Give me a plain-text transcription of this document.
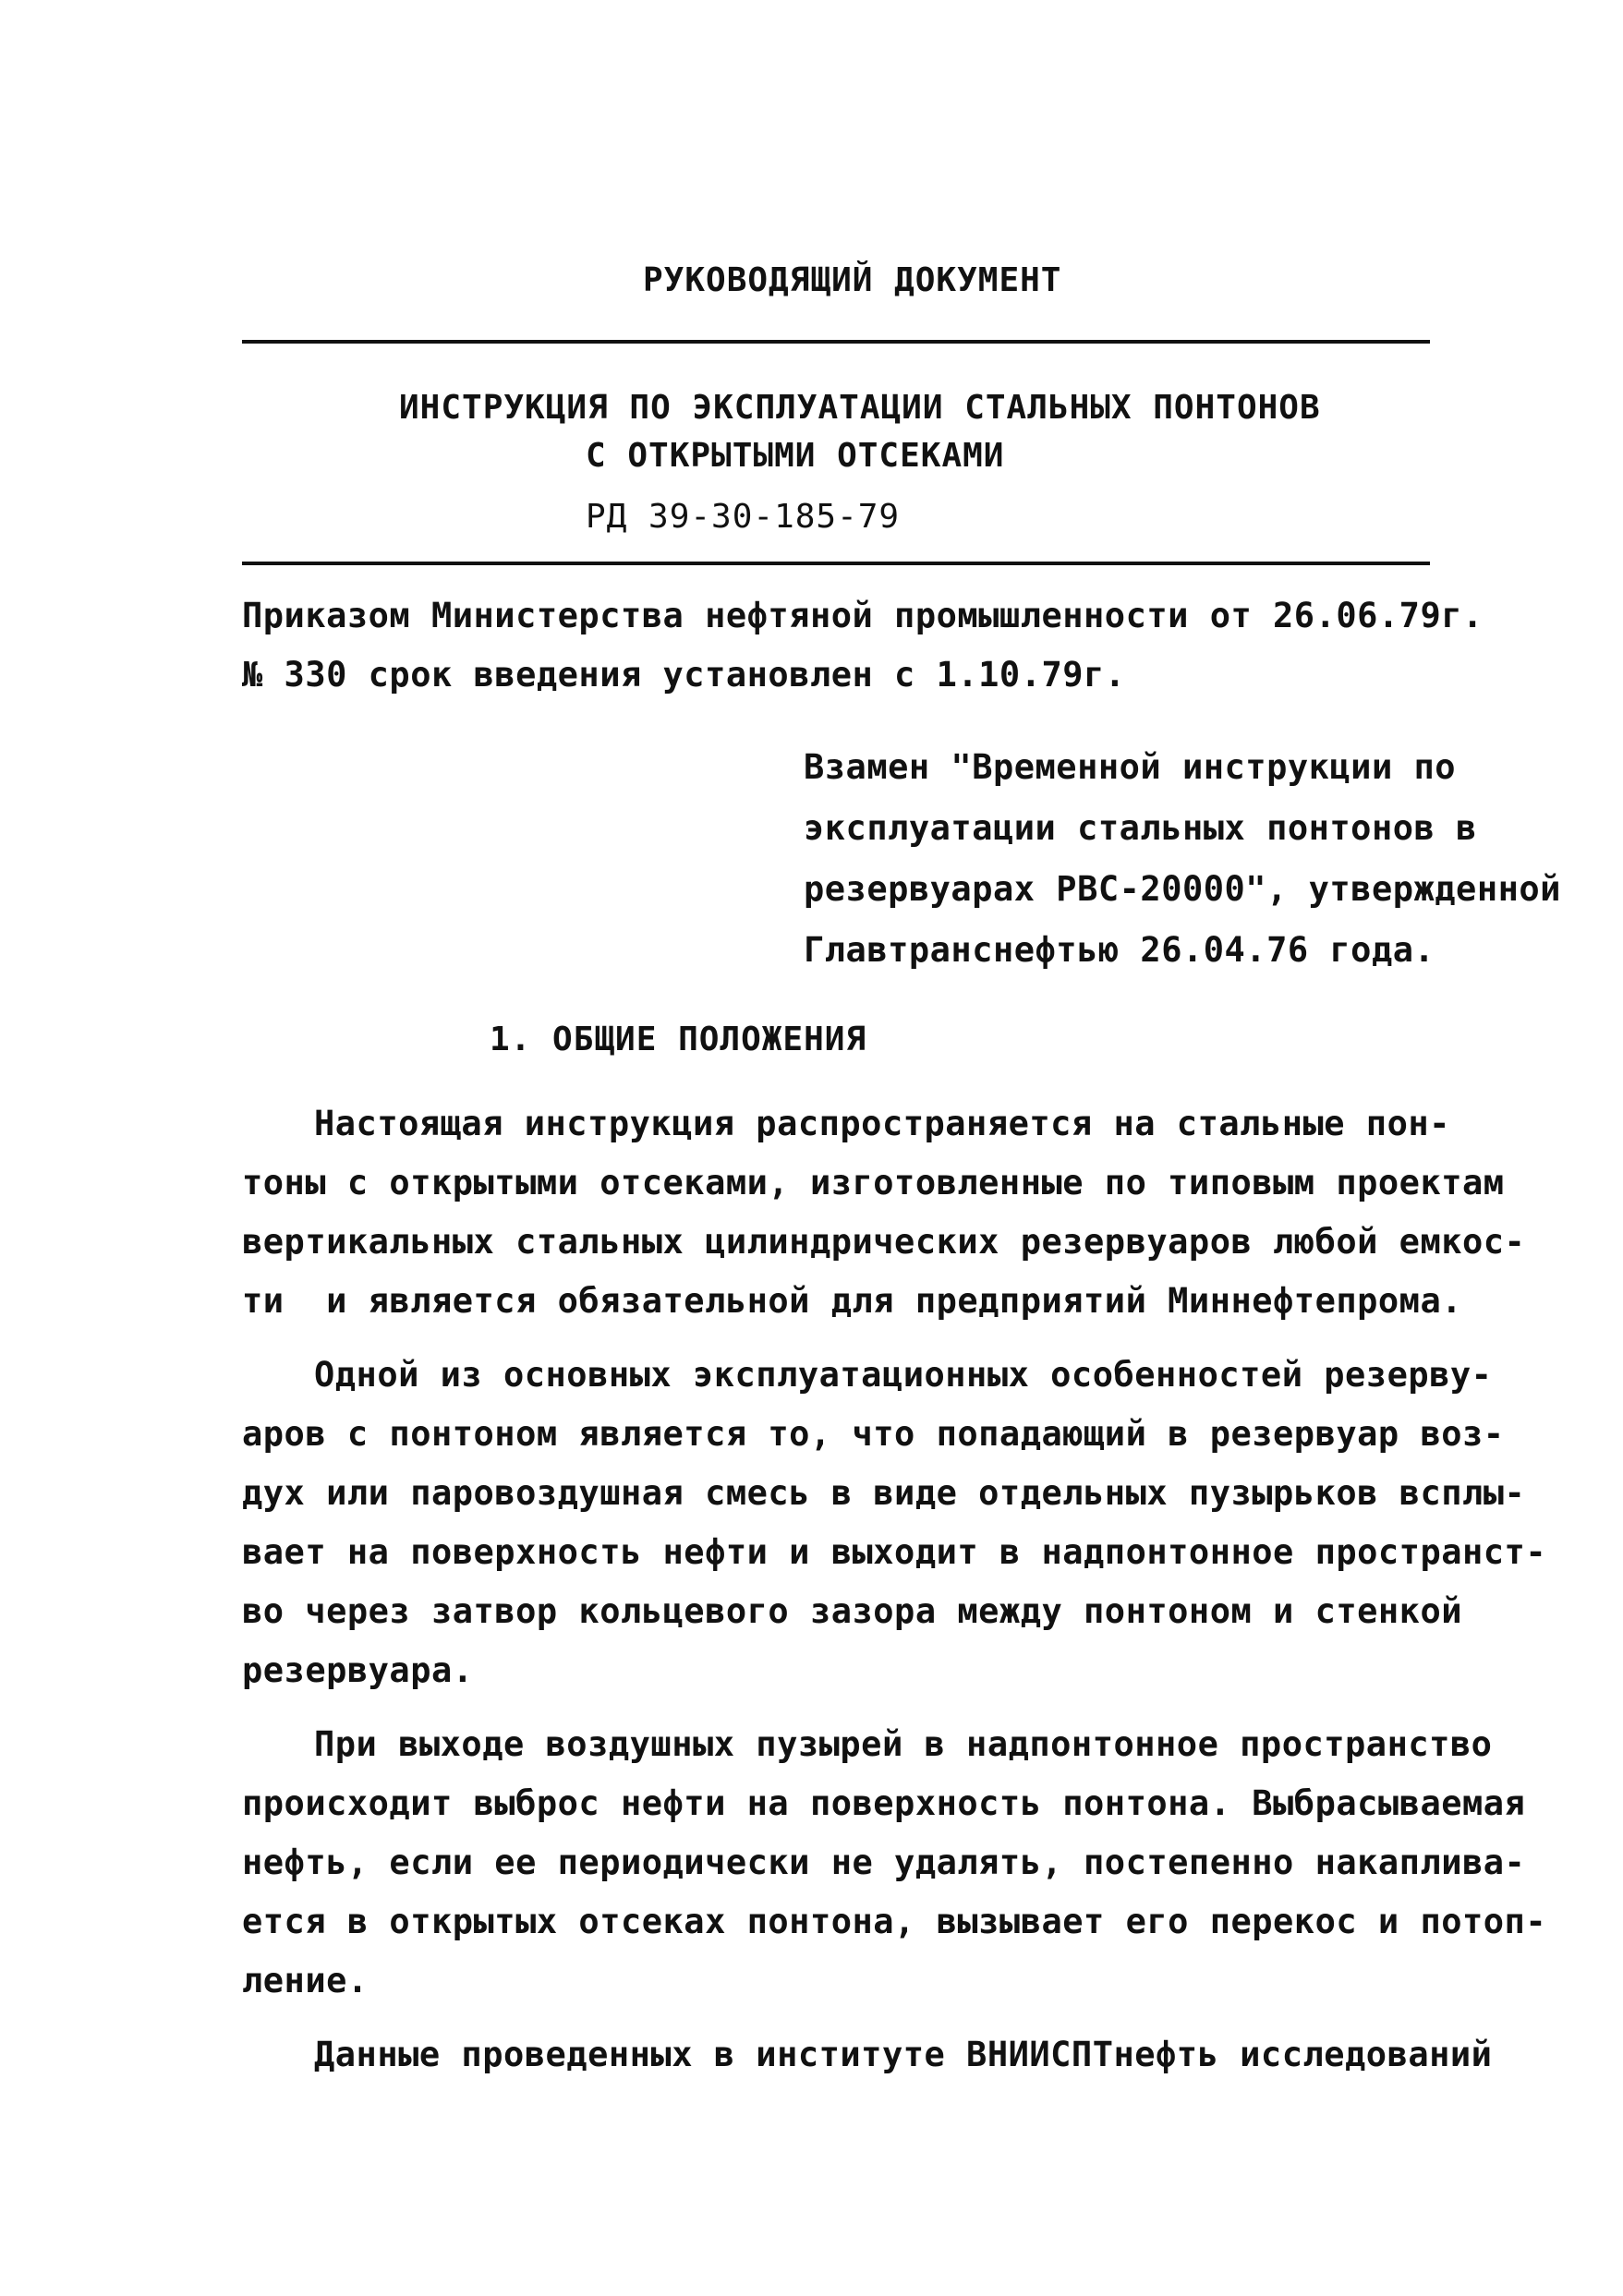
РУКОВОДЯЩИЙ ДОКУМЕНТ
ИНСТРУКЦИЯ ПО ЭКСПЛУАТАЦИИ СТАЛЬНЫХ ПОНТОНОВ
С ОТКРЫТЫМИ ОТСЕКАМИ
РД 39-30-185-79
Приказом Министерства нефтяной промышленности от 26.06.79г.
№ 330 срок введения установлен с 1.10.79г.
Взамен "Временной инструкции по
эксплуатации стальных понтонов в
резервуарах РВС-20000", утвержденной
Главтранснефтью 26.04.76 года.
1. ОБЩИЕ ПОЛОЖЕНИЯ
Настоящая инструкция распространяется на стальные пон-
тоны с открытыми отсеками, изготовленные по типовым проектам
вертикальных стальных цилиндрических резервуаров любой емкос-
ти  и является обязательной для предприятий Миннефтепрома.
Одной из основных эксплуатационных особенностей резерву-
аров с понтоном является то, что попадающий в резервуар воз-
дух или паровоздушная смесь в виде отдельных пузырьков всплы-
вает на поверхность нефти и выходит в надпонтонное пространст-
во через затвор кольцевого зазора между понтоном и стенкой
резервуара.
При выходе воздушных пузырей в надпонтонное пространство
происходит выброс нефти на поверхность понтона. Выбрасываемая
нефть, если ее периодически не удалять, постепенно накаплива-
ется в открытых отсеках понтона, вызывает его перекос и потоп-
ление.
Данные проведенных в институте ВНИИСПТнефть исследований
